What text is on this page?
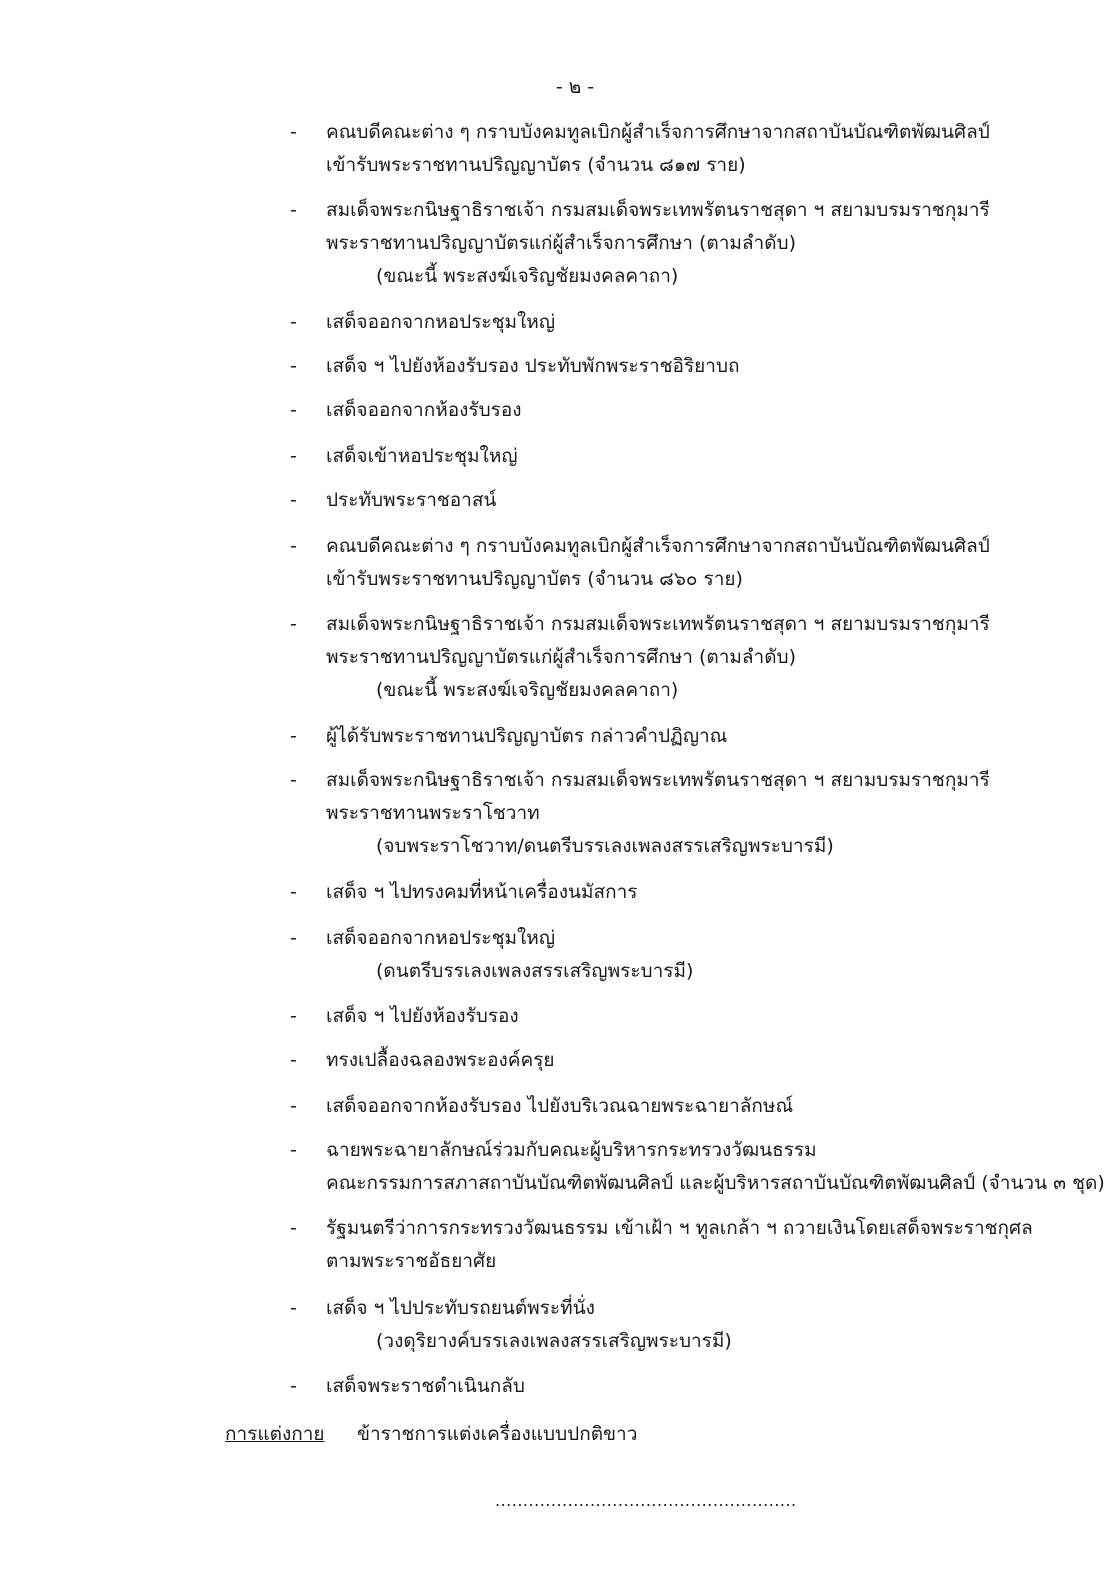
- ๒ -
- คณบดีคณะต่าง ๆ กราบบังคมทูลเบิกผู้สำเร็จการศึกษาจากสถาบันบัณฑิตพัฒนศิลป์
เข้ารับพระราชทานปริญญาบัตร (จำนวน ๘๑๗ ราย)
- สมเด็จพระกนิษฐาธิราชเจ้า กรมสมเด็จพระเทพรัตนราชสุดา ฯ สยามบรมราชกุมารี
พระราชทานปริญญาบัตรแก่ผู้สำเร็จการศึกษา (ตามลำดับ)
(ขณะนี้ พระสงฆ์เจริญชัยมงคลคาถา)
- เสด็จออกจากหอประชุมใหญ่
- เสด็จ ฯ ไปยังห้องรับรอง ประทับพักพระราชอิริยาบถ
- เสด็จออกจากห้องรับรอง
- เสด็จเข้าหอประชุมใหญ่
- ประทับพระราชอาสน์
- คณบดีคณะต่าง ๆ กราบบังคมทูลเบิกผู้สำเร็จการศึกษาจากสถาบันบัณฑิตพัฒนศิลป์
เข้ารับพระราชทานปริญญาบัตร (จำนวน ๘๖๐ ราย)
- สมเด็จพระกนิษฐาธิราชเจ้า กรมสมเด็จพระเทพรัตนราชสุดา ฯ สยามบรมราชกุมารี
พระราชทานปริญญาบัตรแก่ผู้สำเร็จการศึกษา (ตามลำดับ)
(ขณะนี้ พระสงฆ์เจริญชัยมงคลคาถา)
- ผู้ได้รับพระราชทานปริญญาบัตร กล่าวคำปฏิญาณ
- สมเด็จพระกนิษฐาธิราชเจ้า กรมสมเด็จพระเทพรัตนราชสุดา ฯ สยามบรมราชกุมารี
พระราชทานพระราโชวาท
(จบพระราโชวาท/ดนตรีบรรเลงเพลงสรรเสริญพระบารมี)
- เสด็จ ฯ ไปทรงคมที่หน้าเครื่องนมัสการ
- เสด็จออกจากหอประชุมใหญ่
(ดนตรีบรรเลงเพลงสรรเสริญพระบารมี)
- เสด็จ ฯ ไปยังห้องรับรอง
- ทรงเปลื้องฉลองพระองค์ครุย
- เสด็จออกจากห้องรับรอง ไปยังบริเวณฉายพระฉายาลักษณ์
- ฉายพระฉายาลักษณ์ร่วมกับคณะผู้บริหารกระทรวงวัฒนธรรม
คณะกรรมการสภาสถาบันบัณฑิตพัฒนศิลป์ และผู้บริหารสถาบันบัณฑิตพัฒนศิลป์ (จำนวน ๓ ชุด)
- รัฐมนตรีว่าการกระทรวงวัฒนธรรม เข้าเฝ้า ฯ ทูลเกล้า ฯ ถวายเงินโดยเสด็จพระราชกุศล
ตามพระราชอัธยาศัย
- เสด็จ ฯ ไปประทับรถยนต์พระที่นั่ง
(วงดุริยางค์บรรเลงเพลงสรรเสริญพระบารมี)
- เสด็จพระราชดำเนินกลับ
การแต่งกาย ข้าราชการแต่งเครื่องแบบปกติขาว
......................................................
